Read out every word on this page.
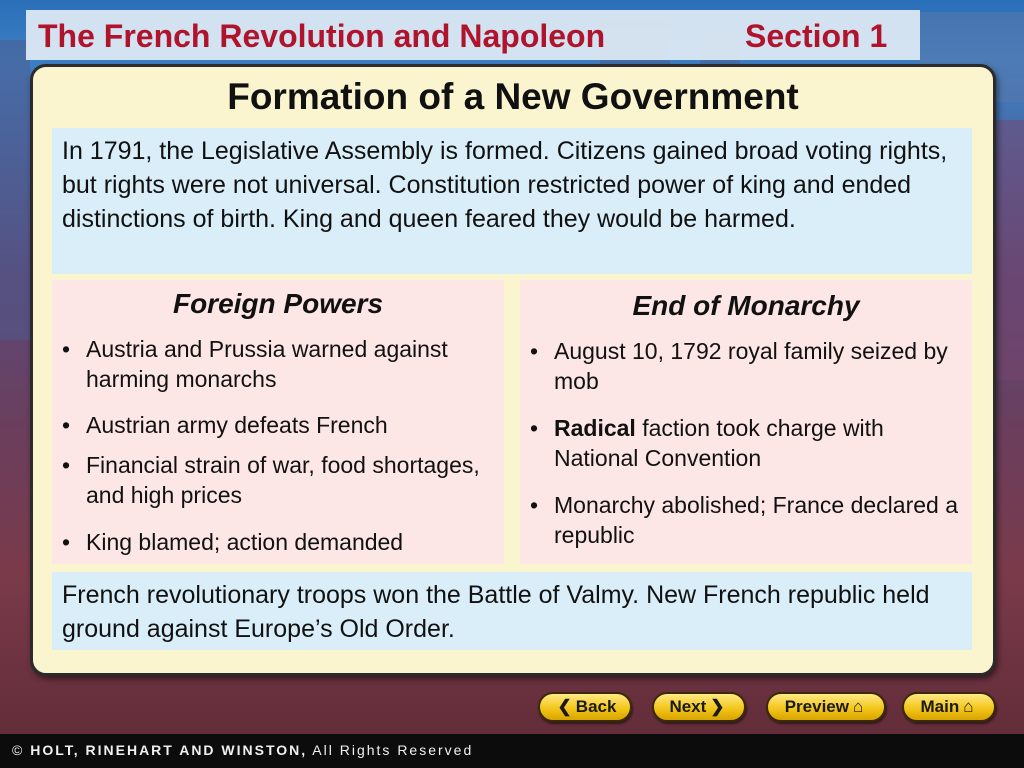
The French Revolution and Napoleon	Section 1
Formation of a New Government
In 1791, the Legislative Assembly is formed. Citizens gained broad voting rights, but rights were not universal. Constitution restricted power of king and ended distinctions of birth. King and queen feared they would be harmed.
Foreign Powers
• Austria and Prussia warned against harming monarchs
• Austrian army defeats French
• Financial strain of war, food shortages, and high prices
• King blamed; action demanded
End of Monarchy
• August 10, 1792 royal family seized by mob
• Radical faction took charge with National Convention
• Monarchy abolished; France declared a republic
French revolutionary troops won the Battle of Valmy. New French republic held ground against Europe’s Old Order.
❮ Back	Next ❯	Preview ⌂	Main ⌂
© HOLT, RINEHART AND WINSTON, All Rights Reserved
